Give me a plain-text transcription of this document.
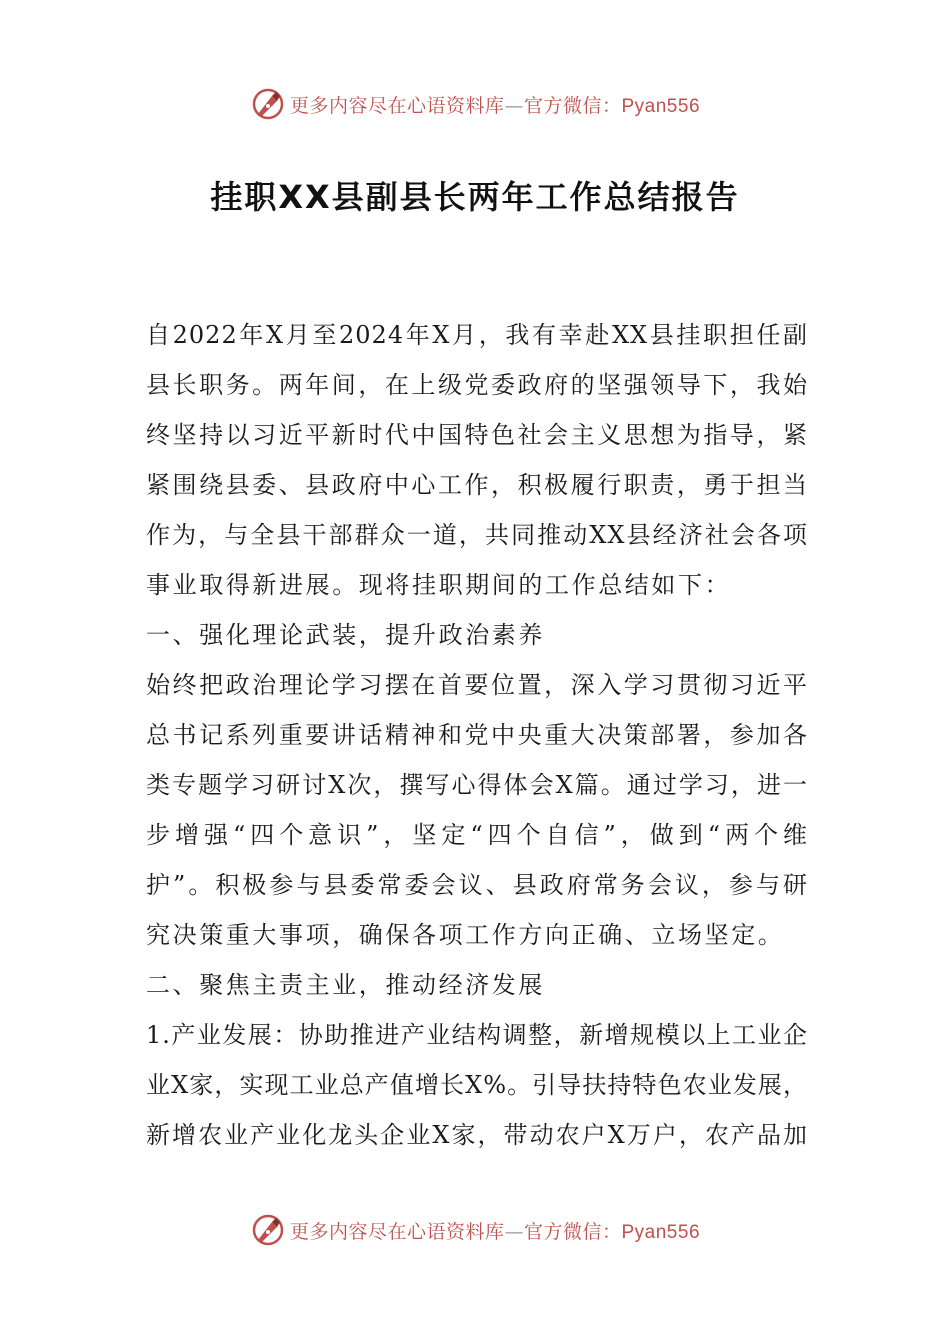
更多内容尽在心语资料库—官方微信：Pyan556
挂职XX县副县长两年工作总结报告
自2022年X月至2024年X月，我有幸赴XX县挂职担任副
县长职务。两年间，在上级党委政府的坚强领导下，我始
终坚持以习近平新时代中国特色社会主义思想为指导，紧
紧围绕县委、县政府中心工作，积极履行职责，勇于担当
作为，与全县干部群众一道，共同推动XX县经济社会各项
事业取得新进展。现将挂职期间的工作总结如下：
一、强化理论武装，提升政治素养
始终把政治理论学习摆在首要位置，深入学习贯彻习近平
总书记系列重要讲话精神和党中央重大决策部署，参加各
类专题学习研讨X次，撰写心得体会X篇。通过学习，进一
步增强“四个意识”，坚定“四个自信”，做到“两个维
护”。积极参与县委常委会议、县政府常务会议，参与研
究决策重大事项，确保各项工作方向正确、立场坚定。
二、聚焦主责主业，推动经济发展
1.产业发展：协助推进产业结构调整，新增规模以上工业企
业X家，实现工业总产值增长X%。引导扶持特色农业发展，
新增农业产业化龙头企业X家，带动农户X万户，农产品加
更多内容尽在心语资料库—官方微信：Pyan556
